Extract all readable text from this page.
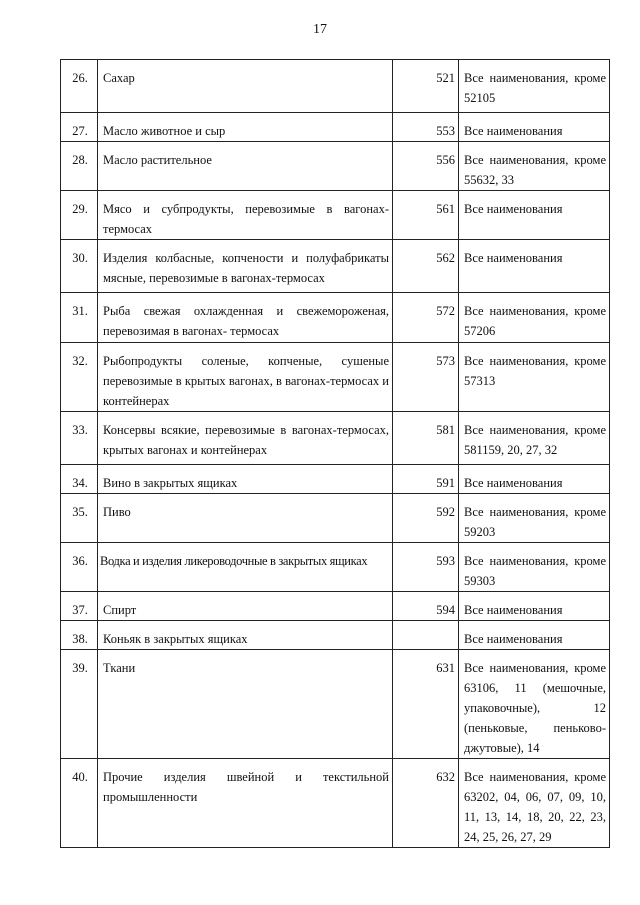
17
26.	Сахар	521	Все наименования, кроме 52105
27.	Масло животное и сыр	553	Все наименования
28.	Масло растительное	556	Все наименования, кроме 55632, 33
29.	Мясо и субпродукты, перевозимые в вагонах-термосах	561	Все наименования
30.	Изделия колбасные, копчености и полуфабрикаты мясные, перевозимые в вагонах-термосах	562	Все наименования
31.	Рыба свежая охлажденная и свежемороженая, перевозимая в вагонах- термосах	572	Все наименования, кроме 57206
32.	Рыбопродукты соленые, копченые, сушеные перевозимые в крытых вагонах, в вагонах-термосах и контейнерах	573	Все наименования, кроме 57313
33.	Консервы всякие, перевозимые в вагонах-термосах, крытых вагонах и контейнерах	581	Все наименования, кроме 581159, 20, 27, 32
34.	Вино в закрытых ящиках	591	Все наименования
35.	Пиво	592	Все наименования, кроме 59203
36.	Водка и изделия ликероводочные в закрытых ящиках	593	Все наименования, кроме 59303
37.	Спирт	594	Все наименования
38.	Коньяк в закрытых ящиках		Все наименования
39.	Ткани	631	Все наименования, кроме 63106, 11 (мешочные, упаковочные), 12 (пеньковые, пеньково-джутовые), 14
40.	Прочие изделия швейной и текстильной промышленности	632	Все наименования, кроме 63202, 04, 06, 07, 09, 10, 11, 13, 14, 18, 20, 22, 23, 24, 25, 26, 27, 29
